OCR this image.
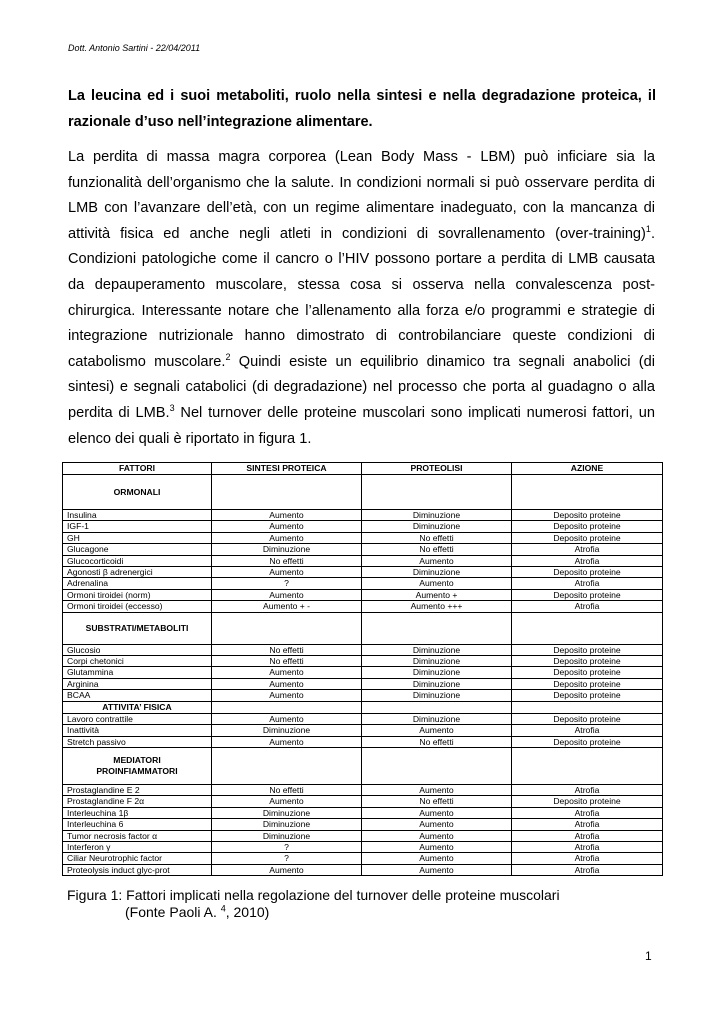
Dott. Antonio Sartini - 22/04/2011
La leucina ed i suoi metaboliti, ruolo nella sintesi e nella degradazione proteica, il razionale d’uso nell’integrazione alimentare.
La perdita di massa magra corporea (Lean Body Mass - LBM) può inficiare sia la funzionalità dell’organismo che la salute. In condizioni normali si può osservare perdita di LMB con l’avanzare dell’età, con un regime alimentare inadeguato, con la mancanza di attività fisica ed anche negli atleti in condizioni di sovrallenamento (over-training)$^1$. Condizioni patologiche come il cancro o l’HIV possono portare a perdita di LMB causata da depauperamento muscolare, stessa cosa si osserva nella convalescenza post-chirurgica. Interessante notare che l’allenamento alla forza e/o programmi e strategie di integrazione nutrizionale hanno dimostrato di controbilanciare queste condizioni di catabolismo muscolare.$^2$ Quindi esiste un equilibrio dinamico tra segnali anabolici (di sintesi) e segnali catabolici (di degradazione) nel processo che porta al guadagno o alla perdita di LMB.$^3$ Nel turnover delle proteine muscolari sono implicati numerosi fattori, un elenco dei quali è riportato in figura 1.
FATTORI	SINTESI PROTEICA	PROTEOLISI	AZIONE
ORMONALI			
Insulina	Aumento	Diminuzione	Deposito proteine
IGF-1	Aumento	Diminuzione	Deposito proteine
GH	Aumento	No effetti	Deposito proteine
Glucagone	Diminuzione	No effetti	Atrofia
Glucocorticoidi	No effetti	Aumento	Atrofia
Agonosti β adrenergici	Aumento	Diminuzione	Deposito proteine
Adrenalina	?	Aumento	Atrofia
Ormoni tiroidei (norm)	Aumento	Aumento +	Deposito proteine
Ormoni tiroidei (eccesso)	Aumento + -	Aumento +++	Atrofia
SUBSTRATI/METABOLITI			
Glucosio	No effetti	Diminuzione	Deposito proteine
Corpi chetonici	No effetti	Diminuzione	Deposito proteine
Glutammina	Aumento	Diminuzione	Deposito proteine
Arginina	Aumento	Diminuzione	Deposito proteine
BCAA	Aumento	Diminuzione	Deposito proteine
ATTIVITA’ FISICA			
Lavoro contrattile	Aumento	Diminuzione	Deposito proteine
Inattività	Diminuzione	Aumento	Atrofia
Stretch passivo	Aumento	No effetti	Deposito proteine
MEDIATORI PROINFIAMMATORI			
Prostaglandine E 2	No effetti	Aumento	Atrofia
Prostaglandine F 2α	Aumento	No effetti	Deposito proteine
Interleuchina 1β	Diminuzione	Aumento	Atrofia
Interleuchina 6	Diminuzione	Aumento	Atrofia
Tumor necrosis factor α	Diminuzione	Aumento	Atrofia
Interferon γ	?	Aumento	Atrofia
Ciliar Neurotrophic factor	?	Aumento	Atrofia
Proteolysis induct glyc-prot	Aumento	Aumento	Atrofia
Figura 1: Fattori implicati nella regolazione del turnover delle proteine muscolari
(Fonte Paoli A. $^4$, 2010)
1
